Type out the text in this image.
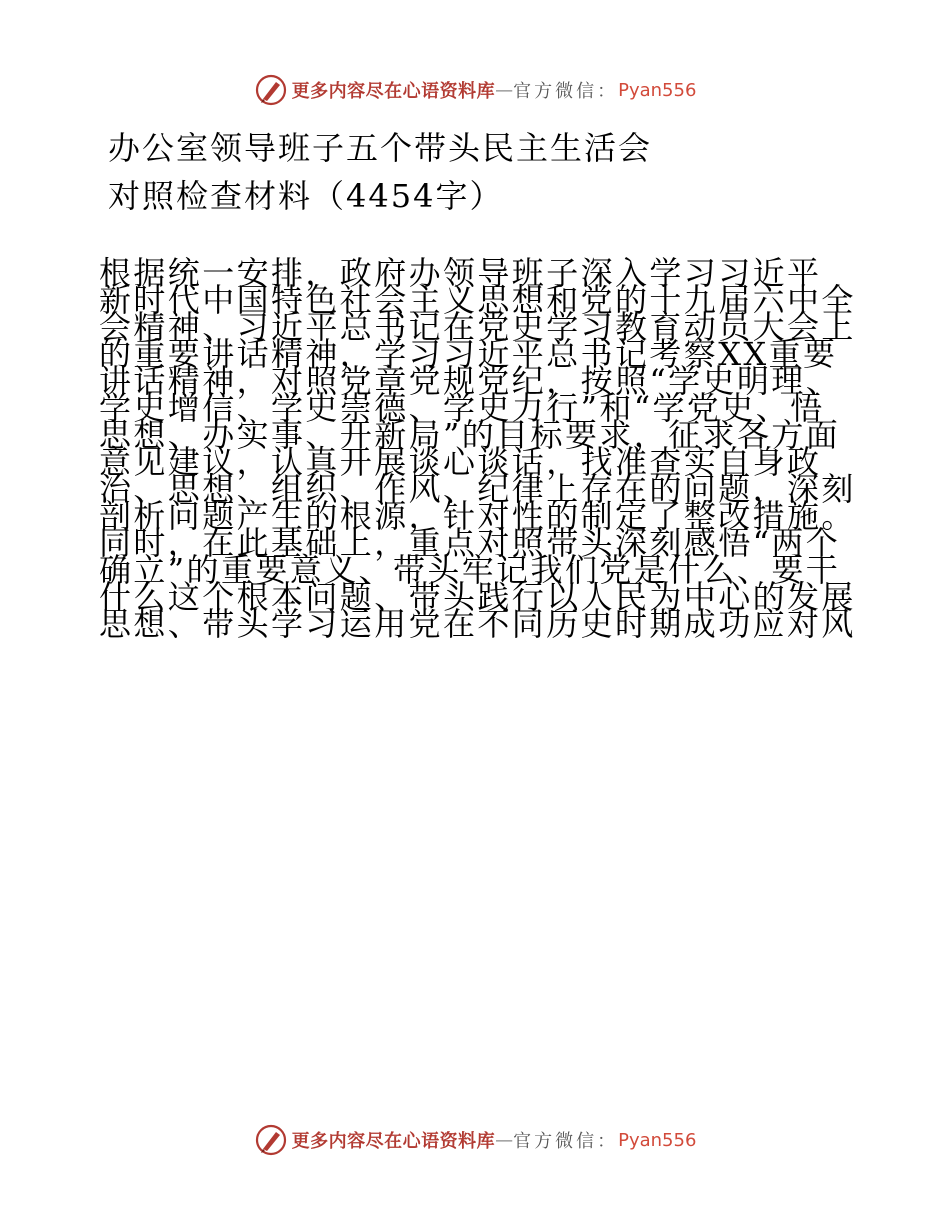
更多内容尽在心语资料库 — 官方微信： Pyan556
办公室领导班子五个带头民主生活会
对照检查材料（4454字）
根据统一安排，政府办领导班子深入学习习近平
新时代中国特色社会主义思想和党的十九届六中全
会精神、习近平总书记在党史学习教育动员大会上
的重要讲话精神，学习习近平总书记考察XX重要
讲话精神，对照党章党规党纪，按照“学史明理、
学史增信、学史崇德、学史力行”和“学党史、悟
思想、办实事、开新局”的目标要求，征求各方面
意见建议，认真开展谈心谈话，找准查实自身政
治、思想、组织、作风、纪律上存在的问题，深刻
剖析问题产生的根源，针对性的制定了整改措施。
同时，在此基础上，重点对照带头深刻感悟“两个
确立”的重要意义、带头牢记我们党是什么、要干
什么这个根本问题、带头践行以人民为中心的发展
思想、带头学习运用党在不同历史时期成功应对风
更多内容尽在心语资料库 — 官方微信： Pyan556
